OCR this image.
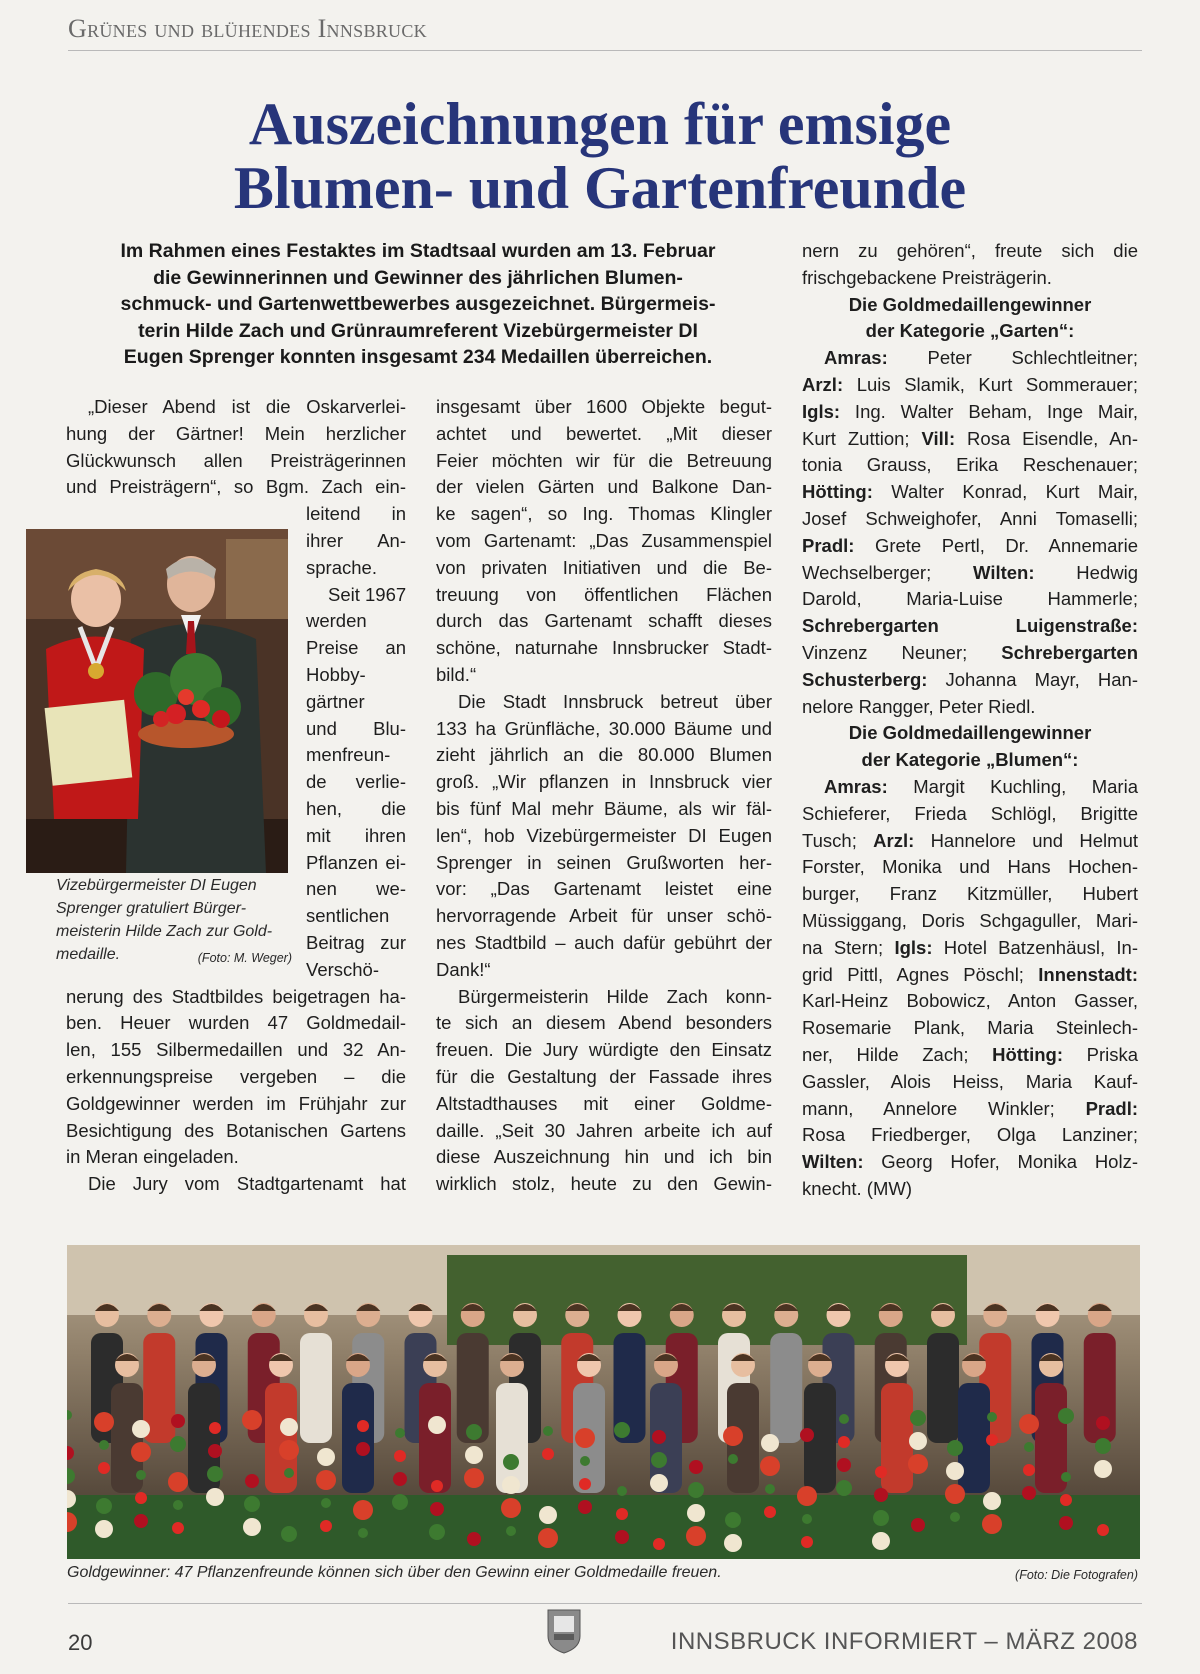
Grünes und blühendes Innsbruck
Auszeichnungen für emsige
Blumen- und Gartenfreunde
Im Rahmen eines Festaktes im Stadtsaal wurden am 13. Februar
die Gewinnerinnen und Gewinner des jährlichen Blumen-
schmuck- und Gartenwettbewerbes ausgezeichnet. Bürgermeis-
terin Hilde Zach und Grünraumreferent Vizebürgermeister DI
Eugen Sprenger konnten insgesamt 234 Medaillen überreichen.
„Dieser Abend ist die Oskarverlei-
hung der Gärtner! Mein herzlicher
Glückwunsch allen Preisträgerinnen
und Preisträgern“, so Bgm. Zach ein-
leitend in
ihrer An-
sprache.
Seit 1967
werden
Preise an
Hobby-
gärtner
und Blu-
menfreun-
de verlie-
hen, die
mit ihren
Pflanzen ei-
nen we-
sentlichen
Beitrag zur
Verschö-
nerung des Stadtbildes beigetragen ha-
ben. Heuer wurden 47 Goldmedail-
len, 155 Silbermedaillen und 32 An-
erkennungspreise vergeben – die
Goldgewinner werden im Frühjahr zur
Besichtigung des Botanischen Gartens
in Meran eingeladen.
Die Jury vom Stadtgartenamt hat
Vizebürgermeister DI Eugen
Sprenger gratuliert Bürger-
meisterin Hilde Zach zur Gold-
medaille.	(Foto: M. Weger)
insgesamt über 1600 Objekte begut-
achtet und bewertet. „Mit dieser
Feier möchten wir für die Betreuung
der vielen Gärten und Balkone Dan-
ke sagen“, so Ing. Thomas Klingler
vom Gartenamt: „Das Zusammenspiel
von privaten Initiativen und die Be-
treuung von öffentlichen Flächen
durch das Gartenamt schafft dieses
schöne, naturnahe Innsbrucker Stadt-
bild.“
Die Stadt Innsbruck betreut über
133 ha Grünfläche, 30.000 Bäume und
zieht jährlich an die 80.000 Blumen
groß. „Wir pflanzen in Innsbruck vier
bis fünf Mal mehr Bäume, als wir fäl-
len“, hob Vizebürgermeister DI Eugen
Sprenger in seinen Grußworten her-
vor: „Das Gartenamt leistet eine
hervorragende Arbeit für unser schö-
nes Stadtbild – auch dafür gebührt der
Dank!“
Bürgermeisterin Hilde Zach konn-
te sich an diesem Abend besonders
freuen. Die Jury würdigte den Einsatz
für die Gestaltung der Fassade ihres
Altstadthauses mit einer Goldme-
daille. „Seit 30 Jahren arbeite ich auf
diese Auszeichnung hin und ich bin
wirklich stolz, heute zu den Gewin-
nern zu gehören“, freute sich die
frischgebackene Preisträgerin.
Die Goldmedaillengewinner
der Kategorie „Garten“:
Amras: Peter Schlechtleitner;
Arzl: Luis Slamik, Kurt Sommerauer;
Igls: Ing. Walter Beham, Inge Mair,
Kurt Zuttion; Vill: Rosa Eisendle, An-
tonia Grauss, Erika Reschenauer;
Hötting: Walter Konrad, Kurt Mair,
Josef Schweighofer, Anni Tomaselli;
Pradl: Grete Pertl, Dr. Annemarie
Wechselberger; Wilten: Hedwig
Darold, Maria-Luise Hammerle;
Schrebergarten Luigenstraße:
Vinzenz Neuner; Schrebergarten
Schusterberg: Johanna Mayr, Han-
nelore Rangger, Peter Riedl.
Die Goldmedaillengewinner
der Kategorie „Blumen“:
Amras: Margit Kuchling, Maria
Schieferer, Frieda Schlögl, Brigitte
Tusch; Arzl: Hannelore und Helmut
Forster, Monika und Hans Hochen-
burger, Franz Kitzmüller, Hubert
Müssiggang, Doris Schgaguller, Mari-
na Stern; Igls: Hotel Batzenhäusl, In-
grid Pittl, Agnes Pöschl; Innenstadt:
Karl-Heinz Bobowicz, Anton Gasser,
Rosemarie Plank, Maria Steinlech-
ner, Hilde Zach; Hötting: Priska
Gassler, Alois Heiss, Maria Kauf-
mann, Annelore Winkler; Pradl:
Rosa Friedberger, Olga Lanziner;
Wilten: Georg Hofer, Monika Holz-
knecht. (MW)
Goldgewinner: 47 Pflanzenfreunde können sich über den Gewinn einer Goldmedaille freuen.	(Foto: Die Fotografen)
20	INNSBRUCK INFORMIERT – MÄRZ 2008
